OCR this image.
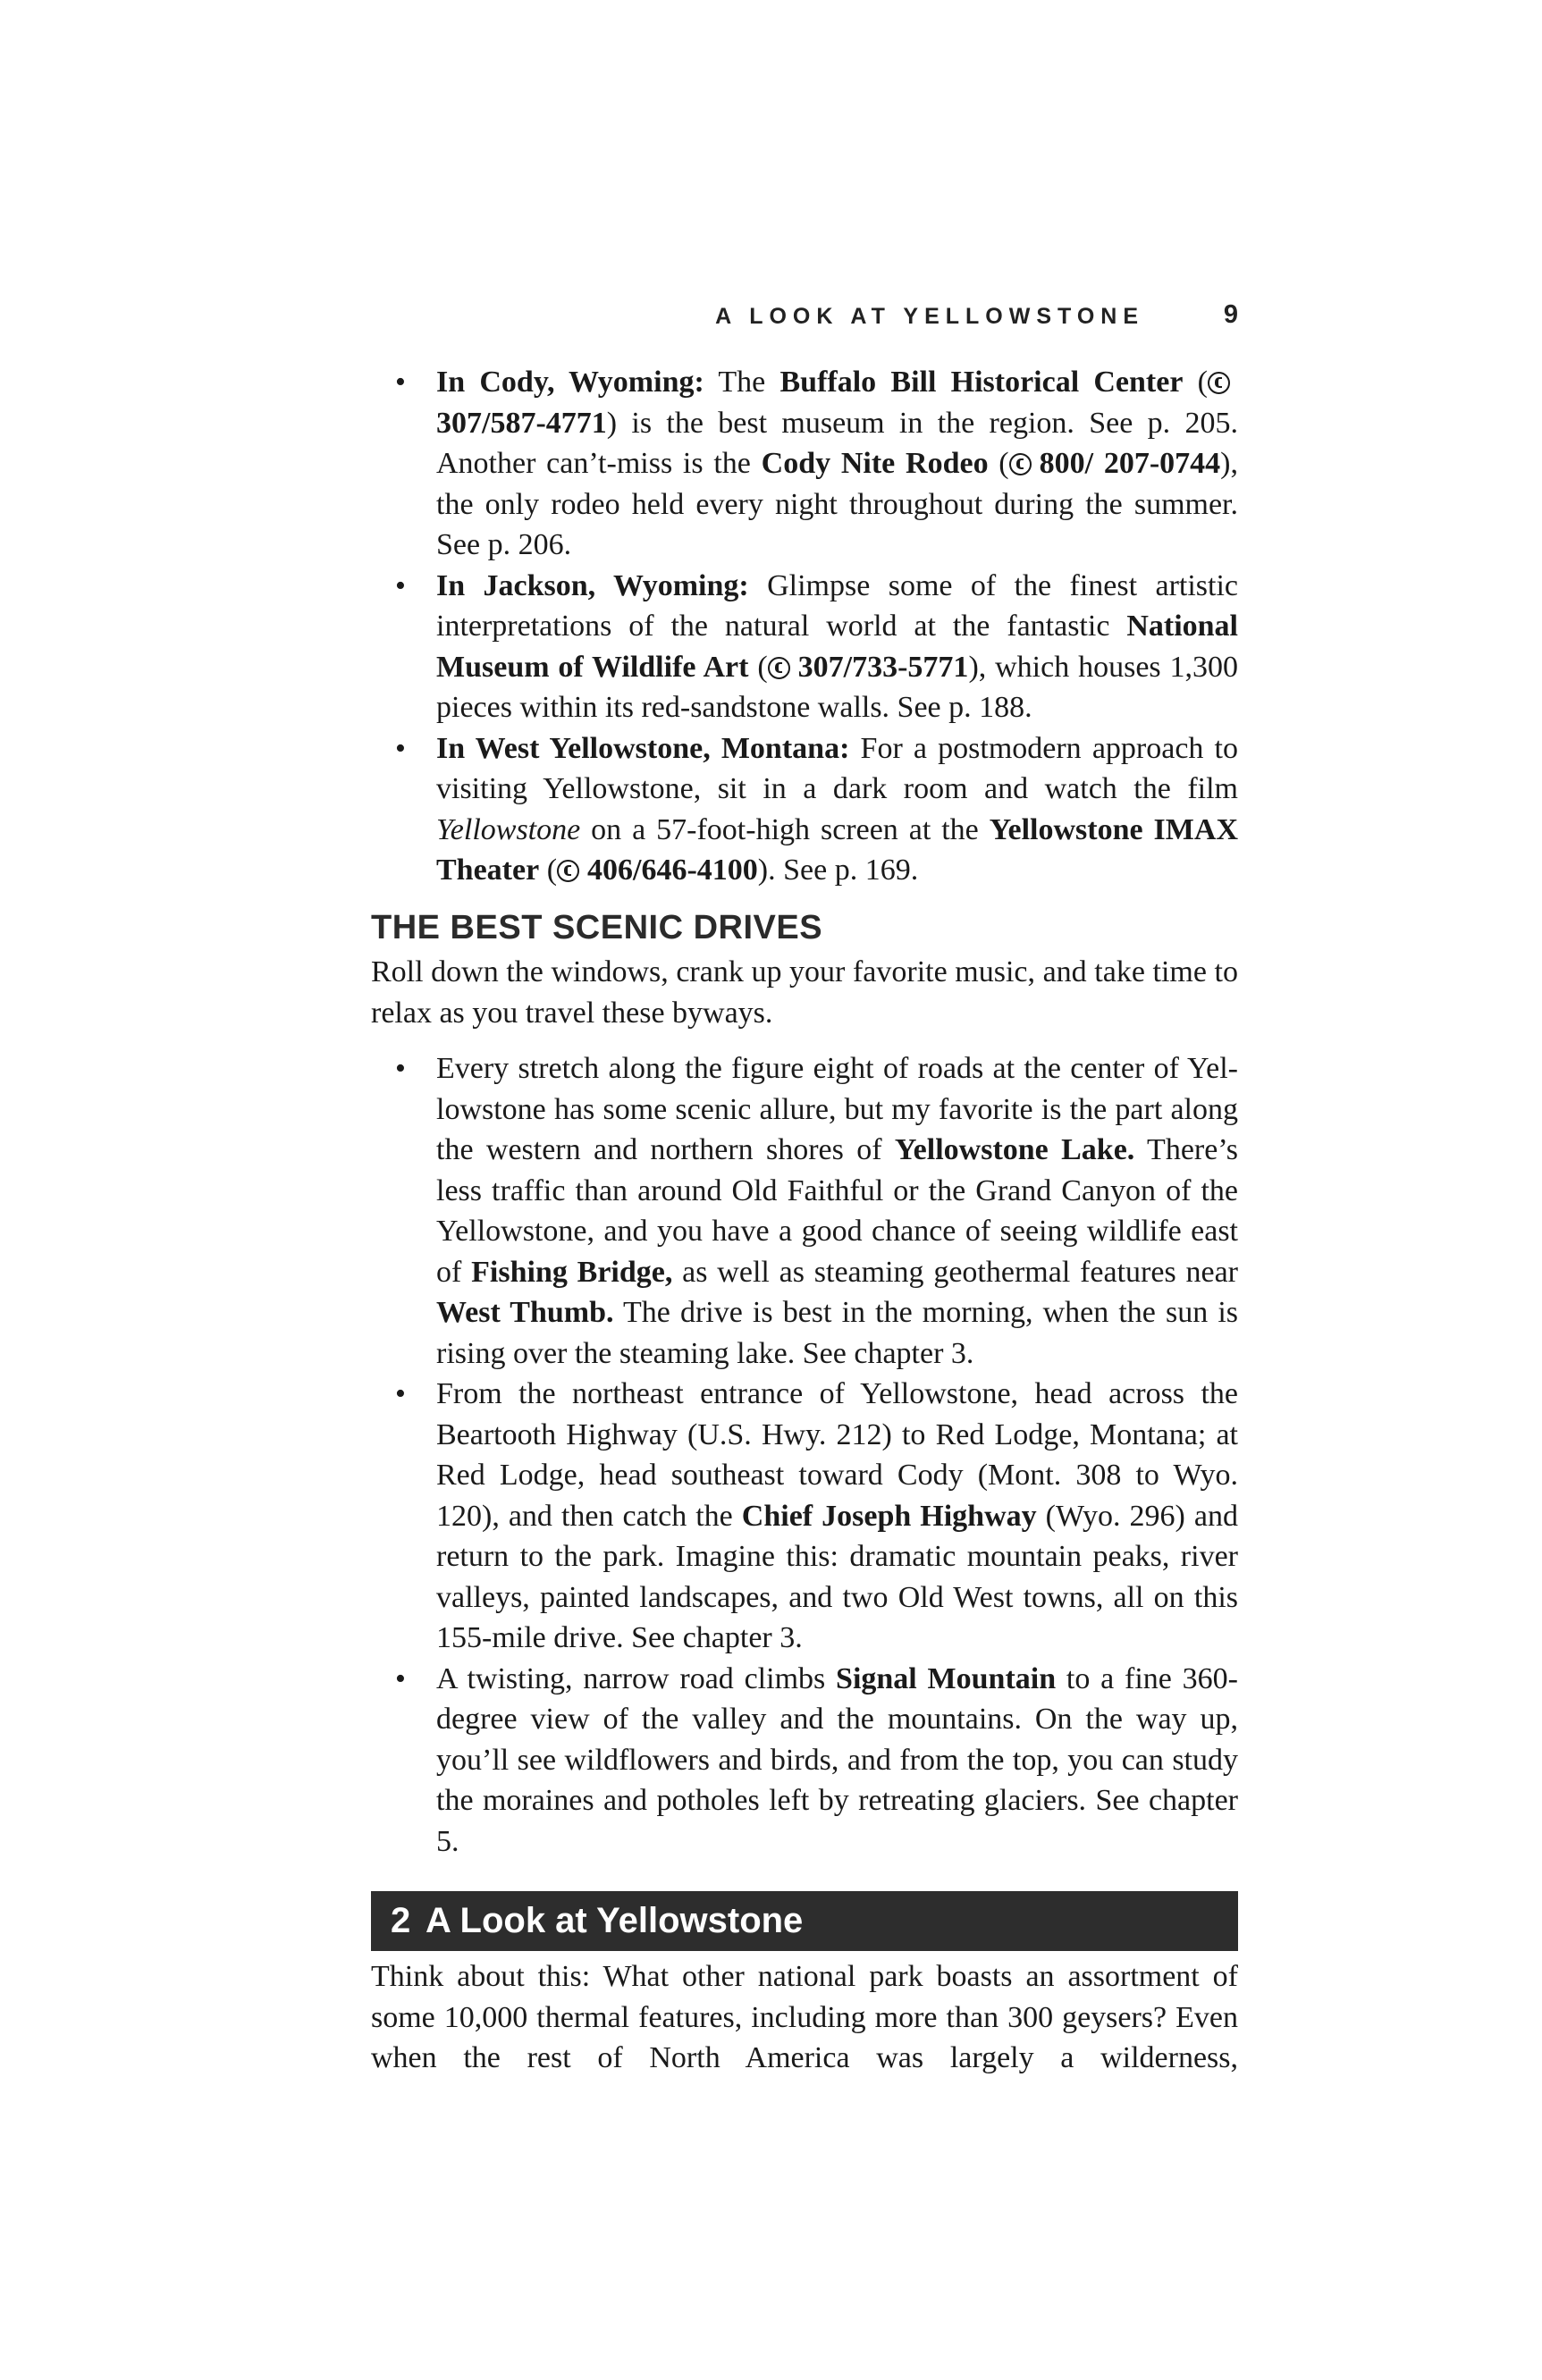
A LOOK AT YELLOWSTONE	9
• In Cody, Wyoming: The Buffalo Bill Historical Center (307/587-4771) is the best museum in the region. See p. 205. Another can’t-miss is the Cody Nite Rodeo ( 800/ 207-0744), the only rodeo held every night throughout during the summer. See p. 206.
• In Jackson, Wyoming: Glimpse some of the finest artistic interpretations of the natural world at the fantastic National Museum of Wildlife Art ( 307/733-5771), which houses 1,300 pieces within its red-sandstone walls. See p. 188.
• In West Yellowstone, Montana: For a postmodern approach to visiting Yellowstone, sit in a dark room and watch the film Yellowstone on a 57-foot-high screen at the Yellowstone IMAX Theater ( 406/646-4100). See p. 169.
THE BEST SCENIC DRIVES

Roll down the windows, crank up your favorite music, and take time to relax as you travel these byways.

• Every stretch along the figure eight of roads at the center of Yellowstone has some scenic allure, but my favorite is the part along the western and northern shores of Yellowstone Lake. There’s less traffic than around Old Faithful or the Grand Canyon of the Yellowstone, and you have a good chance of seeing wildlife east of Fishing Bridge, as well as steaming geothermal features near West Thumb. The drive is best in the morning, when the sun is rising over the steaming lake. See chapter 3.
• From the northeast entrance of Yellowstone, head across the Beartooth Highway (U.S. Hwy. 212) to Red Lodge, Montana; at Red Lodge, head southeast toward Cody (Mont. 308 to Wyo. 120), and then catch the Chief Joseph Highway (Wyo. 296) and return to the park. Imagine this: dramatic mountain peaks, river valleys, painted landscapes, and two Old West towns, all on this 155-mile drive. See chapter 3.
• A twisting, narrow road climbs Signal Mountain to a fine 360-degree view of the valley and the mountains. On the way up, you’ll see wildflowers and birds, and from the top, you can study the moraines and potholes left by retreating glaciers. See chapter 5.
2 A Look at Yellowstone

Think about this: What other national park boasts an assortment of some 10,000 thermal features, including more than 300 geysers? Even when the rest of North America was largely a wilderness,
